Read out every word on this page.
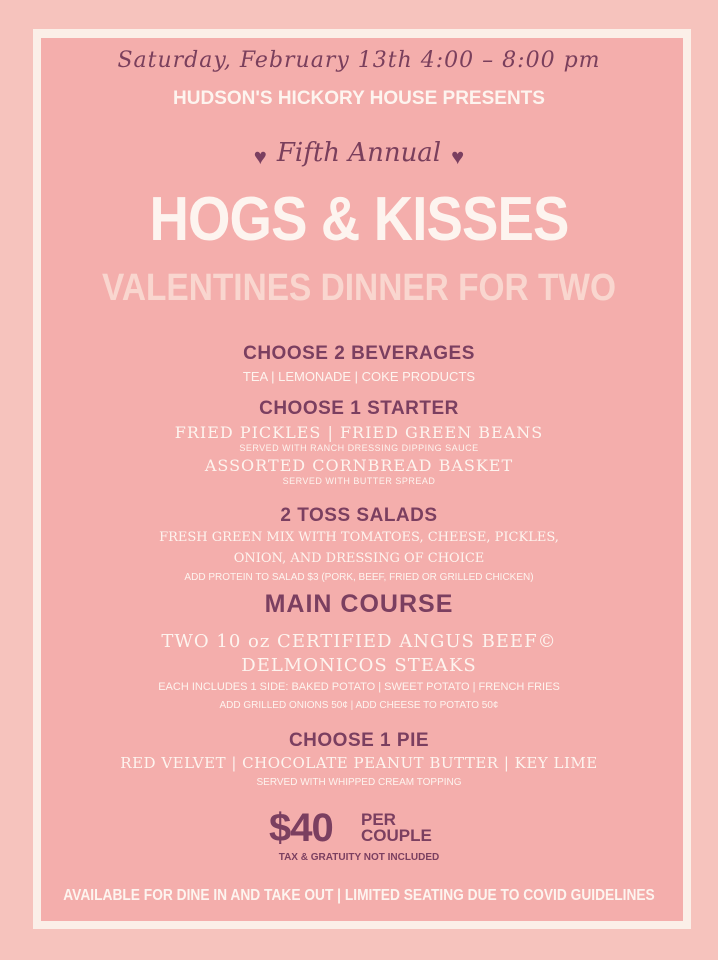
Saturday, February 13th 4:00 – 8:00 pm
HUDSON'S HICKORY HOUSE PRESENTS
♥ Fifth Annual ♥
HOGS & KISSES
VALENTINES DINNER FOR TWO
CHOOSE 2 BEVERAGES
TEA | LEMONADE | COKE PRODUCTS
CHOOSE 1 STARTER
FRIED PICKLES | FRIED GREEN BEANS
SERVED WITH RANCH DRESSING DIPPING SAUCE
ASSORTED CORNBREAD BASKET
SERVED WITH BUTTER SPREAD
2 TOSS SALADS
FRESH GREEN MIX WITH TOMATOES, CHEESE, PICKLES,
ONION, AND DRESSING OF CHOICE
ADD PROTEIN TO SALAD $3 (PORK, BEEF, FRIED OR GRILLED CHICKEN)
MAIN COURSE
TWO 10 oz CERTIFIED ANGUS BEEF©
DELMONICOS STEAKS
EACH INCLUDES 1 SIDE: BAKED POTATO | SWEET POTATO | FRENCH FRIES
ADD GRILLED ONIONS 50¢ | ADD CHEESE TO POTATO 50¢
CHOOSE 1 PIE
RED VELVET | CHOCOLATE PEANUT BUTTER | KEY LIME
SERVED WITH WHIPPED CREAM TOPPING
$40 PER
COUPLE
TAX & GRATUITY NOT INCLUDED
AVAILABLE FOR DINE IN AND TAKE OUT | LIMITED SEATING DUE TO COVID GUIDELINES
